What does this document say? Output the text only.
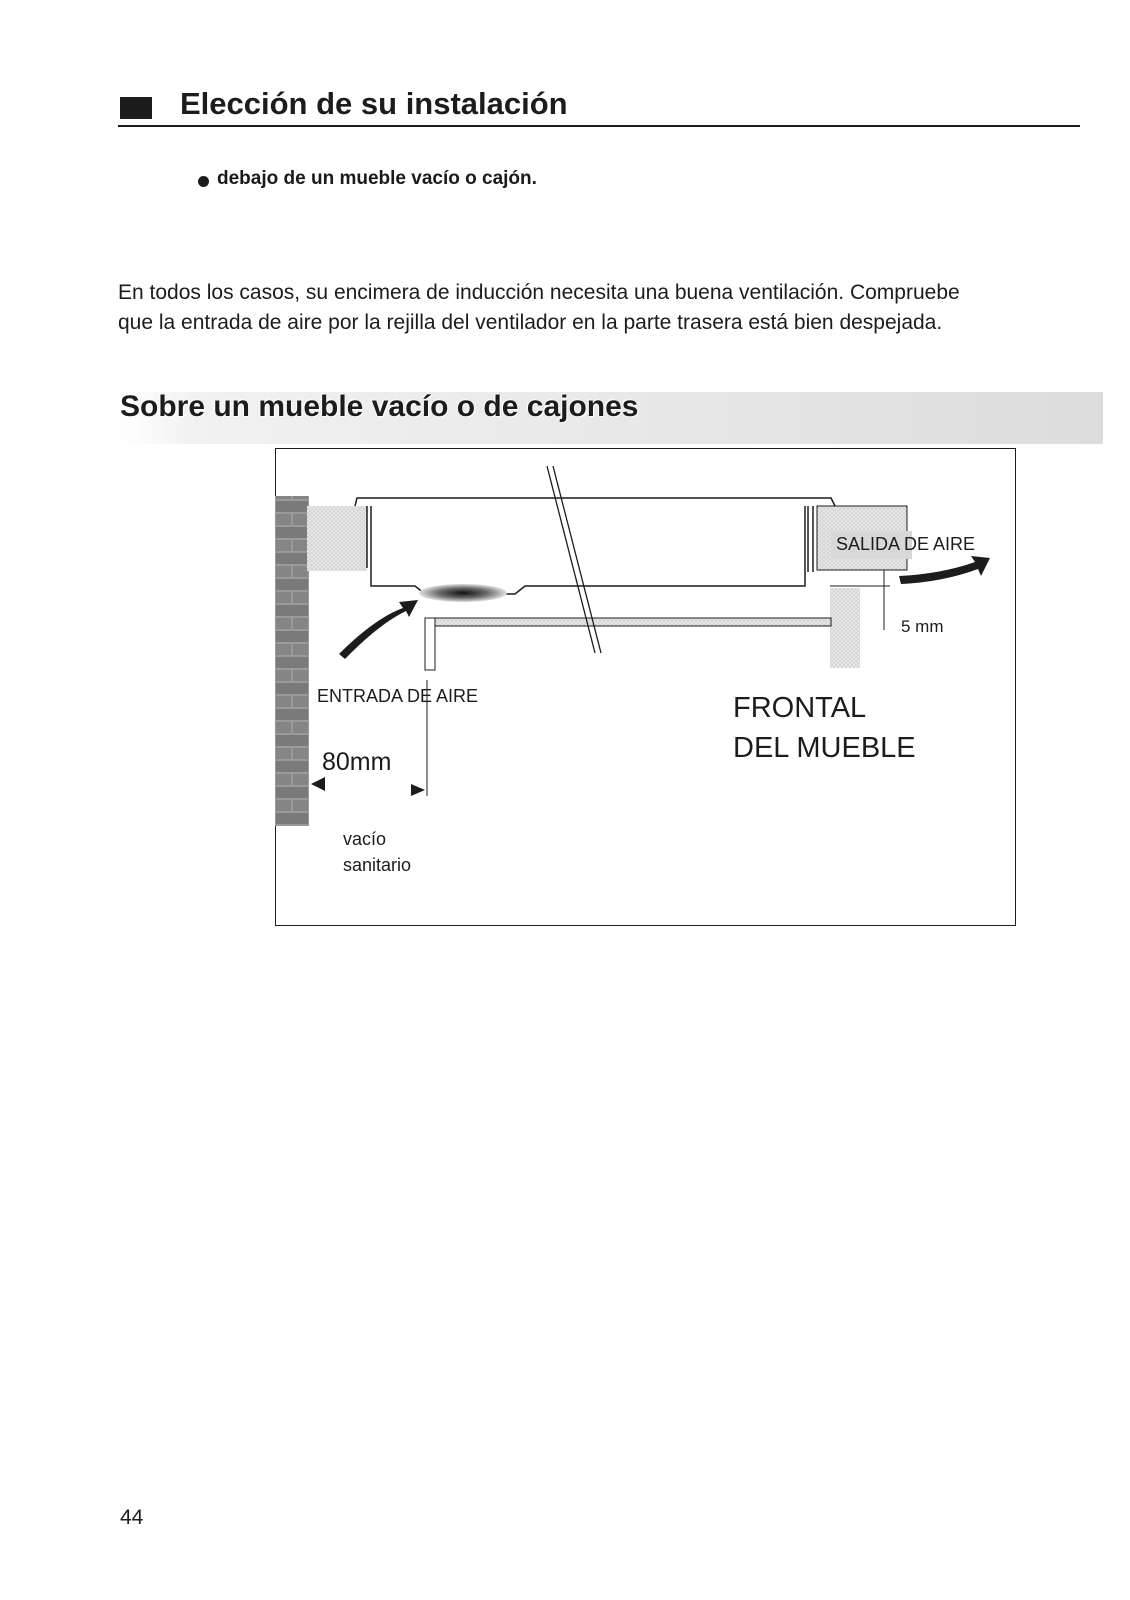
Elección de su instalación
debajo de un mueble vacío o cajón.
En todos los casos, su encimera de inducción necesita una buena ventilación. Compruebe
que la entrada de aire por la rejilla del ventilador en la parte trasera está bien despejada.
Sobre un mueble vacío o de cajones
SALIDA DE AIRE
5 mm
ENTRADA DE AIRE	FRONTAL
DEL MUEBLE
80mm
vacío
sanitario
44
